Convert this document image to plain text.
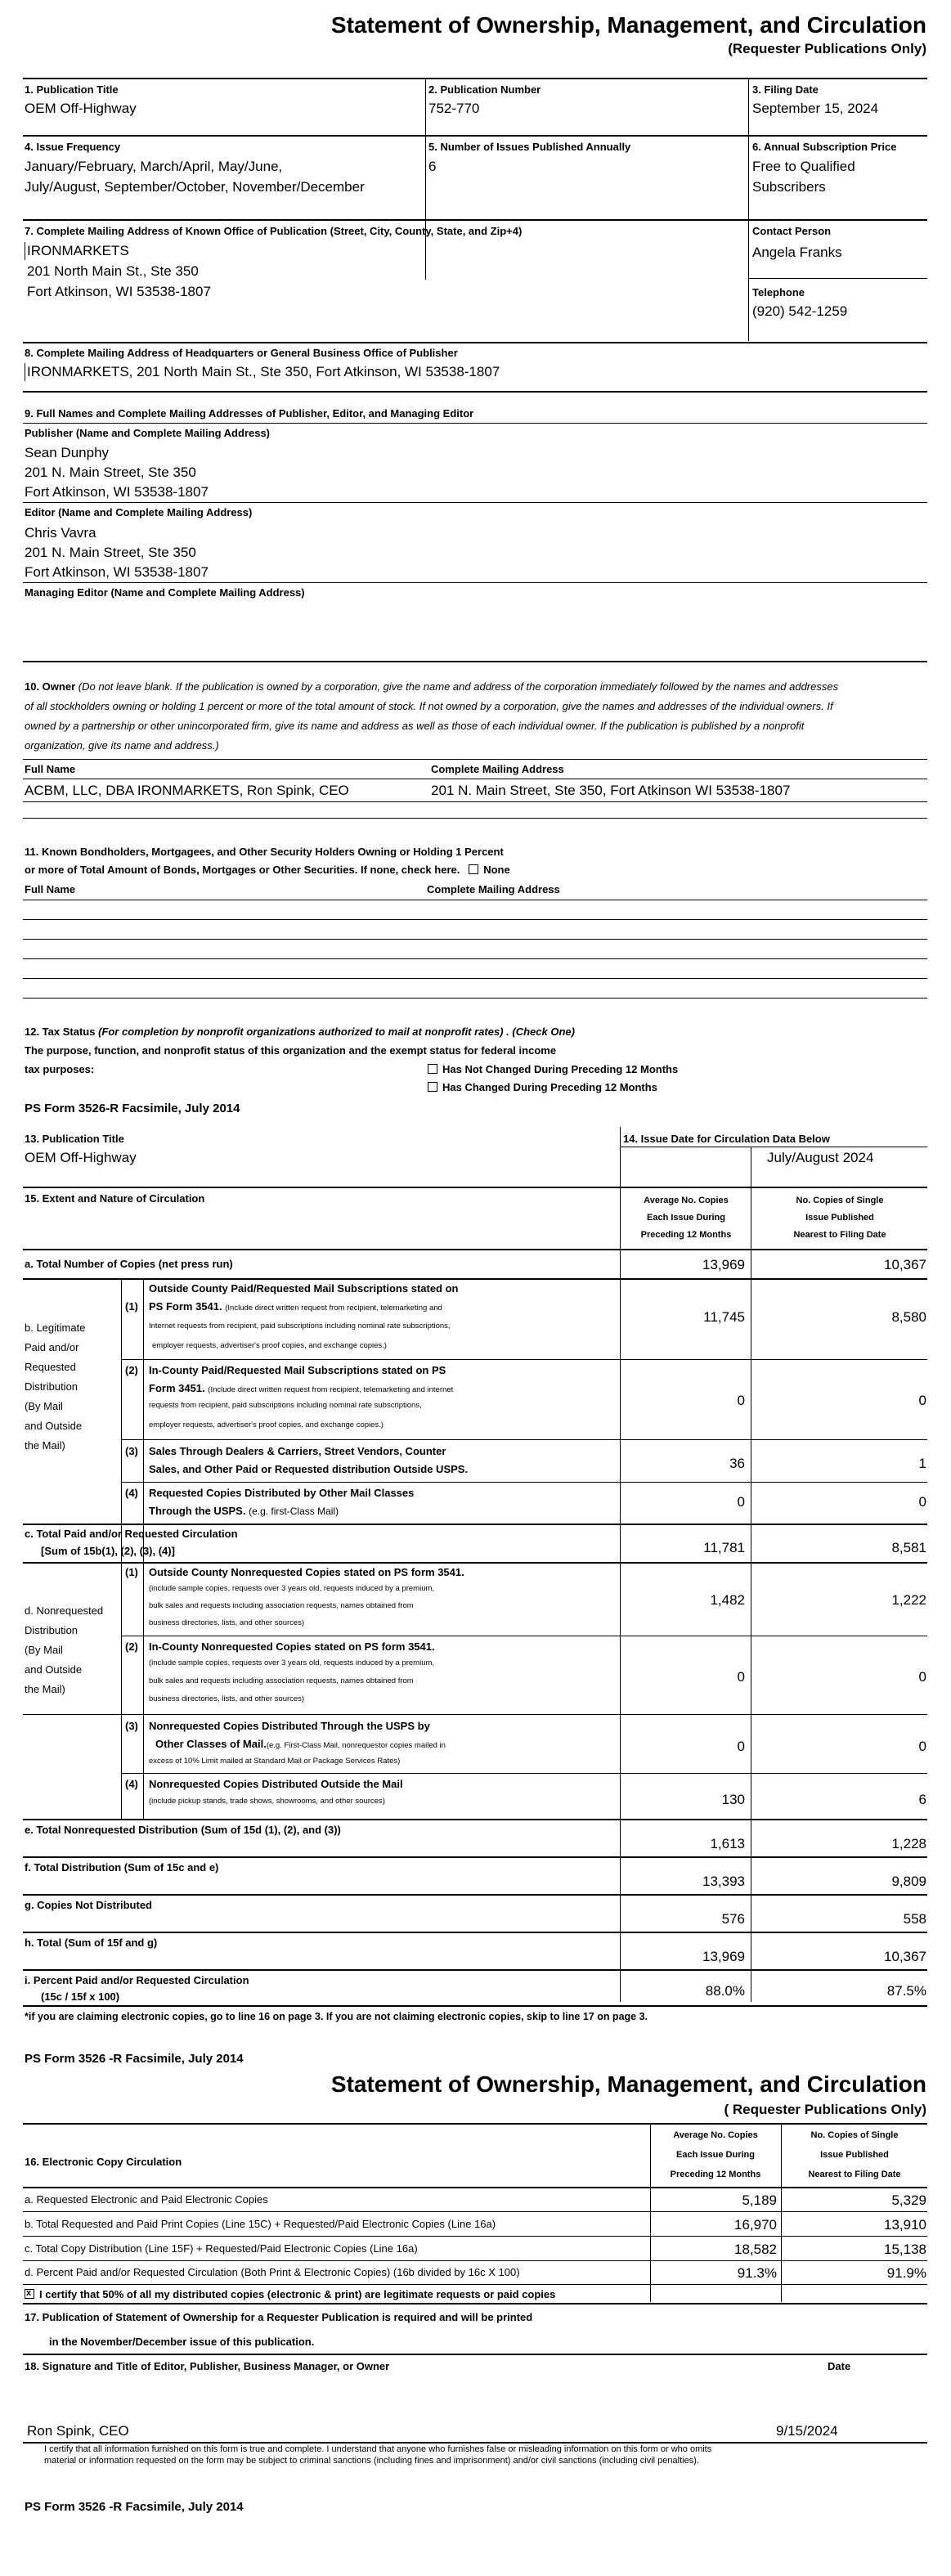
Statement of Ownership, Management, and Circulation
(Requester Publications Only)
1. Publication Title
OEM Off-Highway
2. Publication Number
752-770
3. Filing Date
September 15, 2024
4. Issue Frequency
January/February, March/April, May/June,
July/August, September/October, November/December
5. Number of Issues Published Annually
6
6. Annual Subscription Price
Free to Qualified
Subscribers
7. Complete Mailing Address of Known Office of Publication (Street, City, County, State, and Zip+4)
IRONMARKETS
201 North Main St., Ste 350
Fort Atkinson, WI 53538-1807
Contact Person
Angela Franks
Telephone
(920) 542-1259
8. Complete Mailing Address of Headquarters or General Business Office of Publisher
IRONMARKETS, 201 North Main St., Ste 350, Fort Atkinson, WI 53538-1807
9. Full Names and Complete Mailing Addresses of Publisher, Editor, and Managing Editor
Publisher (Name and Complete Mailing Address)
Sean Dunphy
201 N. Main Street, Ste 350
Fort Atkinson, WI 53538-1807
Editor (Name and Complete Mailing Address)
Chris Vavra
201 N. Main Street, Ste 350
Fort Atkinson, WI 53538-1807
Managing Editor (Name and Complete Mailing Address)
10. Owner (Do not leave blank. If the publication is owned by a corporation, give the name and address of the corporation immediately followed by the names and addresses of all stockholders owning or holding 1 percent or more of the total amount of stock. If not owned by a corporation, give the names and addresses of the individual owners. If owned by a partnership or other unincorporated firm, give its name and address as well as those of each individual owner. If the publication is published by a nonprofit organization, give its name and address.)
Full Name	Complete Mailing Address
ACBM, LLC, DBA IRONMARKETS, Ron Spink, CEO	201 N. Main Street, Ste 350, Fort Atkinson WI 53538-1807
11. Known Bondholders, Mortgagees, and Other Security Holders Owning or Holding 1 Percent
or more of Total Amount of Bonds, Mortgages or Other Securities. If none, check here. None
Full Name	Complete Mailing Address
12. Tax Status (For completion by nonprofit organizations authorized to mail at nonprofit rates) . (Check One)
The purpose, function, and nonprofit status of this organization and the exempt status for federal income
tax purposes:	Has Not Changed During Preceding 12 Months
Has Changed During Preceding 12 Months
PS Form 3526-R Facsimile, July 2014
13. Publication Title
OEM Off-Highway
14. Issue Date for Circulation Data Below
July/August 2024
15. Extent and Nature of Circulation	Average No. Copies
Each Issue During
Preceding 12 Months
No. Copies of Single
Issue Published
Nearest to Filing Date
a. Total Number of Copies (net press run)	13,969	10,367
b. Legitimate
Paid and/or
Requested
Distribution
(By Mail
and Outside
the Mail)
(1)
Outside County Paid/Requested Mail Subscriptions stated on
PS Form 3541. (Include direct written request from recipient, telemarketing and
Internet requests from recipient, paid subscriptions including nominal rate subscriptions,
employer requests, advertiser's proof copies, and exchange copies.)
11,745	8,580
(2) In-County Paid/Requested Mail Subscriptions stated on PS
Form 3451. (Include direct written request from recipient, telemarketing and internet
requests from recipient, paid subscriptions including nominal rate subscriptions,
employer requests, advertiser's proof copies, and exchange copies.)
0	0
(3) Sales Through Dealers & Carriers, Street Vendors, Counter
Sales, and Other Paid or Requested distribution Outside USPS.	36	1
(4) Requested Copies Distributed by Other Mail Classes
Through the USPS. (e.g. first-Class Mail)
0	0
c. Total Paid and/or Requested Circulation
[Sum of 15b(1), (2), (3), (4)]	11,781	8,581
d. Nonrequested
Distribution
(By Mail
and Outside
the Mail)
(1) Outside County Nonrequested Copies stated on PS form 3541.
(include sample copies, requests over 3 years old, requests induced by a premium,
bulk sales and requests including association requests, names obtained from
business directories, lists, and other sources)
1,482	1,222
(2) In-County Nonrequested Copies stated on PS form 3541.
(include sample copies, requests over 3 years old, requests induced by a premium,
bulk sales and requests including association requests, names obtained from
business directories, lists, and other sources)
0	0
(3) Nonrequested Copies Distributed Through the USPS by
Other Classes of Mail.(e.g. First-Class Mail, nonrequestor copies mailed in
excess of 10% Limit mailed at Standard Mail or Package Services Rates)
0	0
(4) Nonrequested Copies Distributed Outside the Mail
(include pickup stands, trade shows, showrooms, and other sources)	130	6
e. Total Nonrequested Distribution (Sum of 15d (1), (2), and (3))
1,613	1,228
f. Total Distribution (Sum of 15c and e)
13,393	9,809
g. Copies Not Distributed
576	558
h. Total (Sum of 15f and g)
13,969	10,367
i. Percent Paid and/or Requested Circulation
(15c / 15f x 100)	88.0%	87.5%
*if you are claiming electronic copies, go to line 16 on page 3. If you are not claiming electronic copies, skip to line 17 on page 3.
PS Form 3526 -R Facsimile, July 2014
Statement of Ownership, Management, and Circulation
( Requester Publications Only)
16. Electronic Copy Circulation
Average No. Copies
Each Issue During
Preceding 12 Months
No. Copies of Single
Issue Published
Nearest to Filing Date
a. Requested Electronic and Paid Electronic Copies	5,189	5,329
b. Total Requested and Paid Print Copies (Line 15C) + Requested/Paid Electronic Copies (Line 16a)	16,970	13,910
c. Total Copy Distribution (Line 15F) + Requested/Paid Electronic Copies (Line 16a)	18,582	15,138
d. Percent Paid and/or Requested Circulation (Both Print & Electronic Copies) (16b divided by 16c X 100)	91.3%	91.9%
xI certify that 50% of all my distributed copies (electronic & print) are legitimate requests or paid copies
17. Publication of Statement of Ownership for a Requester Publication is required and will be printed
in the November/December issue of this publication.
18. Signature and Title of Editor, Publisher, Business Manager, or Owner	Date
Ron Spink, CEO	9/15/2024
I certify that all information furnished on this form is true and complete. I understand that anyone who furnishes false or misleading information on this form or who omits
material or information requested on the form may be subject to criminal sanctions (including fines and imprisonment) and/or civil sanctions (including civil penalties).
PS Form 3526 -R Facsimile, July 2014
